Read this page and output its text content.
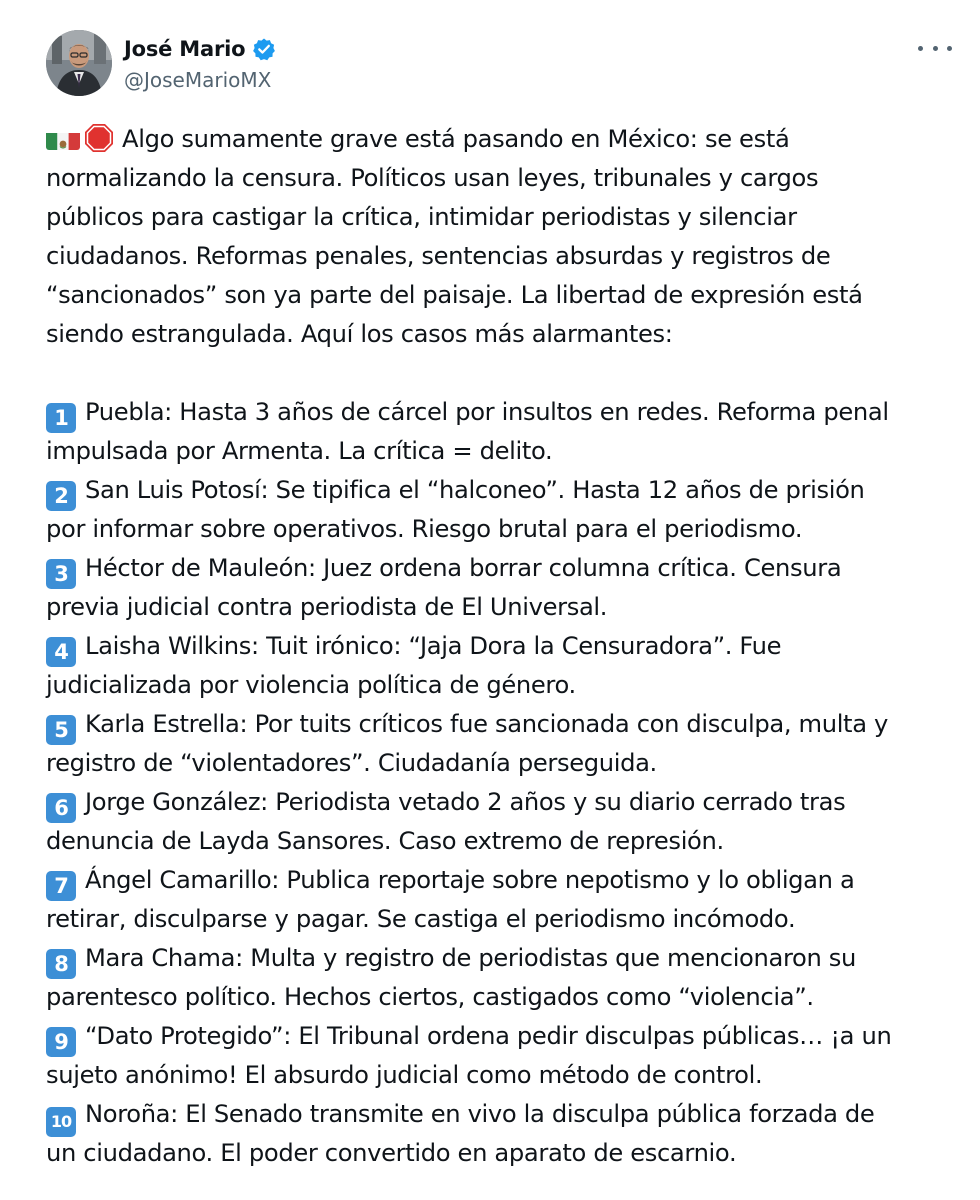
José Mario
@JoseMarioMX
Algo sumamente grave está pasando en México: se está
normalizando la censura. Políticos usan leyes, tribunales y cargos
públicos para castigar la crítica, intimidar periodistas y silenciar
ciudadanos. Reformas penales, sentencias absurdas y registros de
“sancionados” son ya parte del paisaje. La libertad de expresión está
siendo estrangulada. Aquí los casos más alarmantes:
1 Puebla: Hasta 3 años de cárcel por insultos en redes. Reforma penal
impulsada por Armenta. La crítica = delito.
2 San Luis Potosí: Se tipifica el “halconeo”. Hasta 12 años de prisión
por informar sobre operativos. Riesgo brutal para el periodismo.
3 Héctor de Mauleón: Juez ordena borrar columna crítica. Censura
previa judicial contra periodista de El Universal.
4 Laisha Wilkins: Tuit irónico: “Jaja Dora la Censuradora”. Fue
judicializada por violencia política de género.
5 Karla Estrella: Por tuits críticos fue sancionada con disculpa, multa y
registro de “violentadores”. Ciudadanía perseguida.
6 Jorge González: Periodista vetado 2 años y su diario cerrado tras
denuncia de Layda Sansores. Caso extremo de represión.
7 Ángel Camarillo: Publica reportaje sobre nepotismo y lo obligan a
retirar, disculparse y pagar. Se castiga el periodismo incómodo.
8 Mara Chama: Multa y registro de periodistas que mencionaron su
parentesco político. Hechos ciertos, castigados como “violencia”.
9 “Dato Protegido”: El Tribunal ordena pedir disculpas públicas… ¡a un
sujeto anónimo! El absurdo judicial como método de control.
10 Noroña: El Senado transmite en vivo la disculpa pública forzada de
un ciudadano. El poder convertido en aparato de escarnio.
